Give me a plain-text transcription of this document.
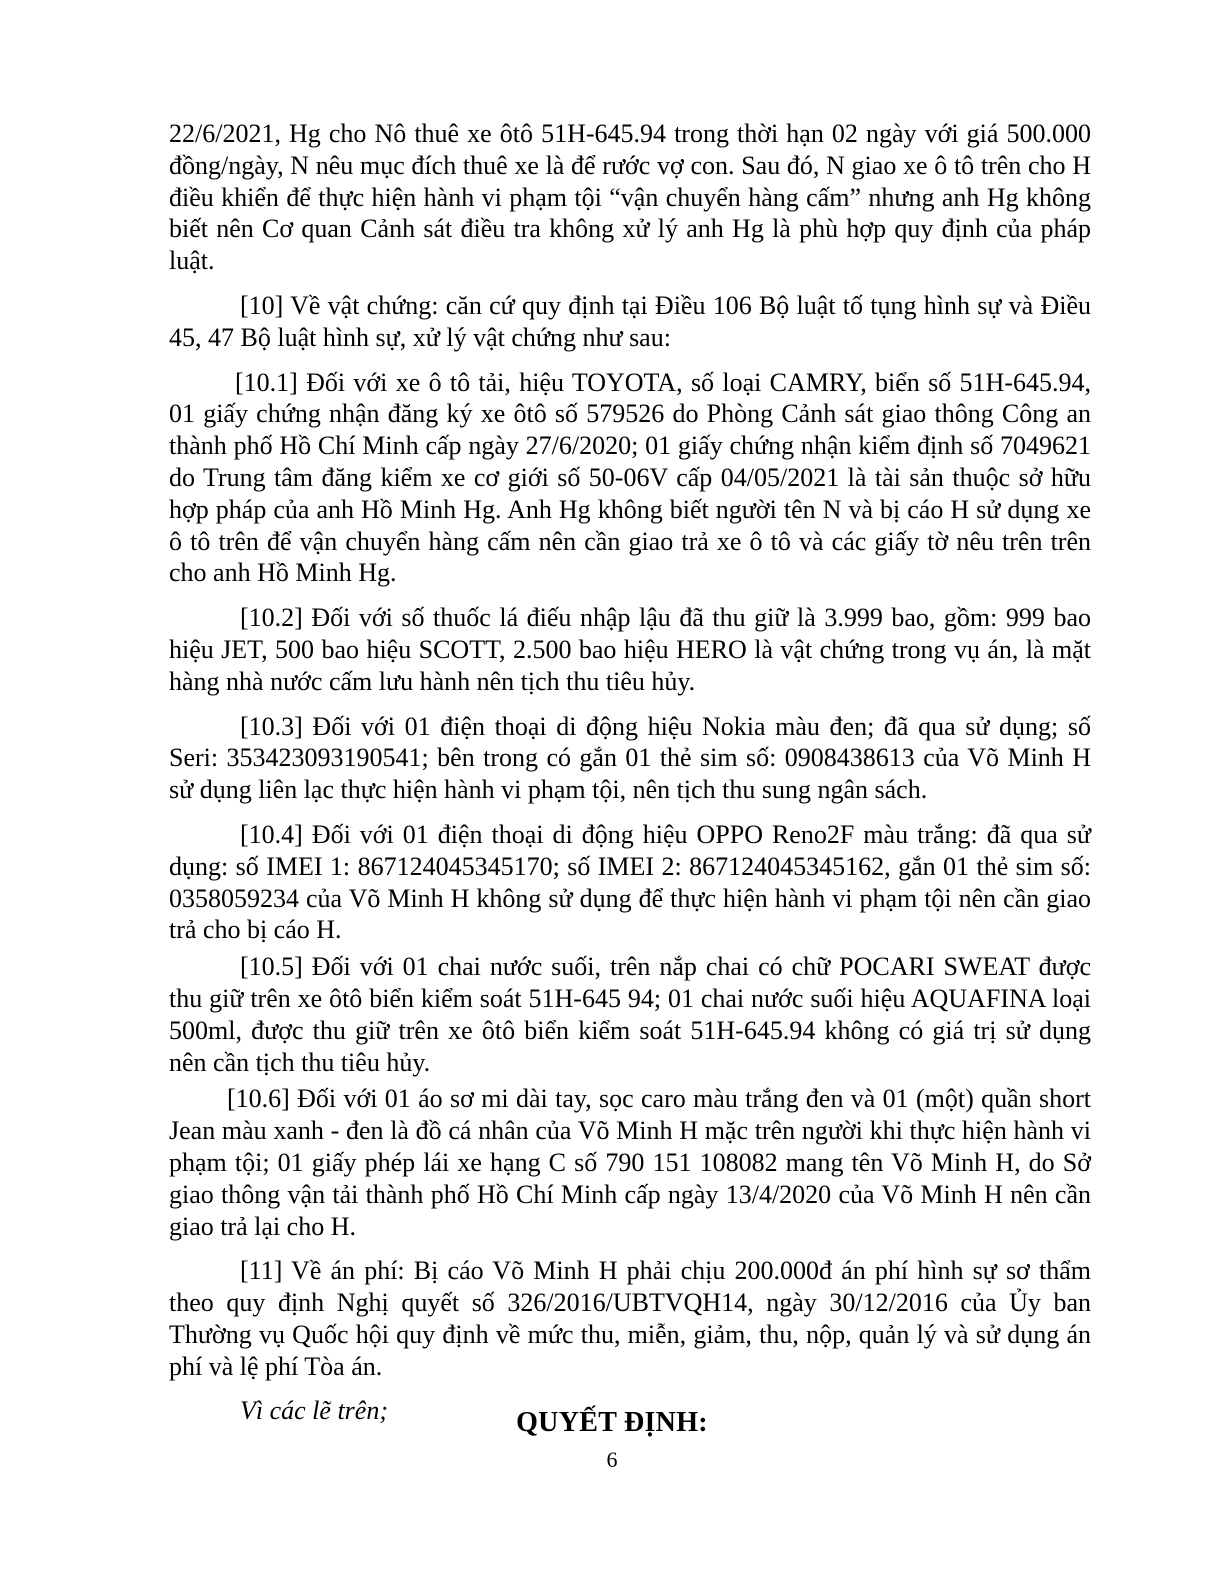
22/6/2021, Hg cho Nô thuê xe ôtô 51H-645.94 trong thời hạn 02 ngày với giá 500.000 đồng/ngày, N nêu mục đích thuê xe là để rước vợ con. Sau đó, N giao xe ô tô trên cho H điều khiển để thực hiện hành vi phạm tội “vận chuyển hàng cấm” nhưng anh Hg không biết nên Cơ quan Cảnh sát điều tra không xử lý anh Hg là phù hợp quy định của pháp luật.

[10] Về vật chứng: căn cứ quy định tại Điều 106 Bộ luật tố tụng hình sự và Điều 45, 47 Bộ luật hình sự, xử lý vật chứng như sau:

[10.1] Đối với xe ô tô tải, hiệu TOYOTA, số loại CAMRY, biển số 51H-645.94, 01 giấy chứng nhận đăng ký xe ôtô số 579526 do Phòng Cảnh sát giao thông Công an thành phố Hồ Chí Minh cấp ngày 27/6/2020; 01 giấy chứng nhận kiểm định số 7049621 do Trung tâm đăng kiểm xe cơ giới số 50-06V cấp 04/05/2021 là tài sản thuộc sở hữu hợp pháp của anh Hồ Minh Hg. Anh Hg không biết người tên N và bị cáo H sử dụng xe ô tô trên để vận chuyển hàng cấm nên cần giao trả xe ô tô và các giấy tờ nêu trên trên cho anh Hồ Minh Hg.

[10.2] Đối với số thuốc lá điếu nhập lậu đã thu giữ là 3.999 bao, gồm: 999 bao hiệu JET, 500 bao hiệu SCOTT, 2.500 bao hiệu HERO là vật chứng trong vụ án, là mặt hàng nhà nước cấm lưu hành nên tịch thu tiêu hủy.

[10.3] Đối với 01 điện thoại di động hiệu Nokia màu đen; đã qua sử dụng; số Seri: 353423093190541; bên trong có gắn 01 thẻ sim số: 0908438613 của Võ Minh H sử dụng liên lạc thực hiện hành vi phạm tội, nên tịch thu sung ngân sách.

[10.4] Đối với 01 điện thoại di động hiệu OPPO Reno2F màu trắng: đã qua sử dụng: số IMEI 1: 867124045345170; số IMEI 2: 867124045345162, gắn 01 thẻ sim số: 0358059234 của Võ Minh H không sử dụng để thực hiện hành vi phạm tội nên cần giao trả cho bị cáo H.

[10.5] Đối với 01 chai nước suối, trên nắp chai có chữ POCARI SWEAT được thu giữ trên xe ôtô biển kiểm soát 51H-645 94; 01 chai nước suối hiệu AQUAFINA loại 500ml, được thu giữ trên xe ôtô biển kiểm soát 51H-645.94 không có giá trị sử dụng nên cần tịch thu tiêu hủy.

[10.6] Đối với 01 áo sơ mi dài tay, sọc caro màu trắng đen và 01 (một) quần short Jean màu xanh - đen là đồ cá nhân của Võ Minh H mặc trên người khi thực hiện hành vi phạm tội; 01 giấy phép lái xe hạng C số 790 151 108082 mang tên Võ Minh H, do Sở giao thông vận tải thành phố Hồ Chí Minh cấp ngày 13/4/2020 của Võ Minh H nên cần giao trả lại cho H.

[11] Về án phí: Bị cáo Võ Minh H phải chịu 200.000đ án phí hình sự sơ thẩm theo quy định Nghị quyết số 326/2016/UBTVQH14, ngày 30/12/2016 của Ủy ban Thường vụ Quốc hội quy định về mức thu, miễn, giảm, thu, nộp, quản lý và sử dụng án phí và lệ phí Tòa án.

Vì các lẽ trên;	QUYẾT ĐỊNH:
6
